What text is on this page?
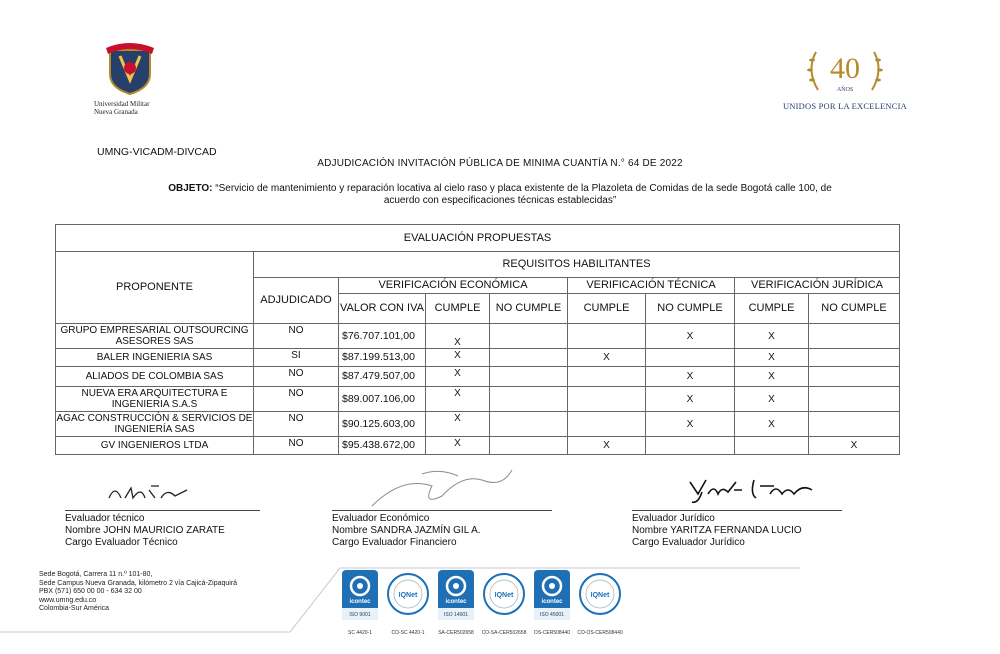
Universidad Militar
Nueva Granada
40
AÑOS
UNIDOS POR LA EXCELENCIA
UMNG-VICADM-DIVCAD
ADJUDICACIÓN INVITACIÓN PÚBLICA DE MINIMA CUANTÍA N.° 64 DE 2022
OBJETO: “Servicio de mantenimiento y reparación locativa al cielo raso y placa existente de la Plazoleta de Comidas de la sede Bogotá calle 100, de acuerdo con especificaciones técnicas establecidas”
EVALUACIÓN PROPUESTAS								
PROPONENTE	REQUISITOS HABILITANTES							
	ADJUDICADO	VERIFICACIÓN ECONÓMICA			VERIFICACIÓN TÉCNICA		VERIFICACIÓN JURÍDICA	
		VALOR CON IVA	CUMPLE	NO CUMPLE	CUMPLE	NO CUMPLE	CUMPLE	NO CUMPLE
GRUPO EMPRESARIAL OUTSOURCING ASESORES SAS	NO	$76.707.101,00	X			X	X	
BALER INGENIERIA SAS	SI	$87.199.513,00	X		X		X	
ALIADOS DE COLOMBIA SAS	NO	$87.479.507,00	X			X	X	
NUEVA ERA ARQUITECTURA E INGENIERIA S.A.S	NO	$89.007.106,00	X			X	X	
AGAC CONSTRUCCIÓN & SERVICIOS DE INGENIERÍA SAS	NO	$90.125.603,00	X			X	X	
GV INGENIEROS LTDA	NO	$95.438.672,00	X		X			X
Evaluador técnico
Nombre JOHN MAURICIO ZARATE
Cargo Evaluador Técnico
Evaluador Económico
Nombre SANDRA JAZMÍN GIL A.
Cargo Evaluador Financiero
Evaluador Jurídico
Nombre YARITZA FERNANDA LUCIO
Cargo Evaluador Jurídico
Sede Bogotá, Carrera 11 n.º 101-80,
Sede Campus Nueva Granada, kilómetro 2 vía Cajicá-Zipaquirá
PBX (571) 650 00 00 - 634 32 00
www.umng.edu.co
Colombia-Sur América
icontec
ISO 9001
SC 4420-1
IQNet
CO-SC 4420-1
icontec
ISO 14001
SA-CER502658
IQNet
CO-SA-CER502658
icontec
ISO 45001
OS-CER508440
IQNet
CO-OS-CER508440
